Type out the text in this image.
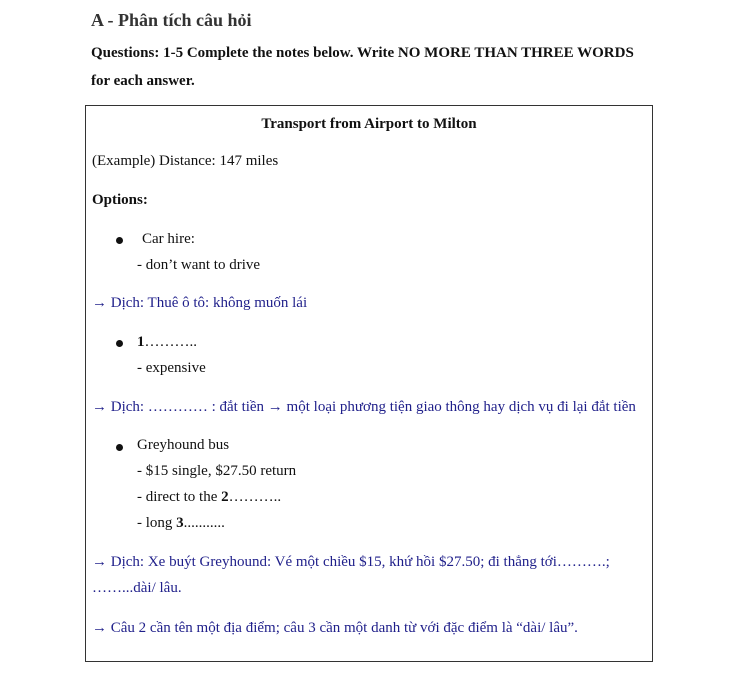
A - Phân tích câu hỏi
Questions: 1-5 Complete the notes below. Write NO MORE THAN THREE WORDS for each answer.
Transport from Airport to Milton
(Example) Distance: 147 miles
Options:
Car hire:
- don’t want to drive
→ Dịch: Thuê ô tô: không muốn lái
1………..
- expensive
→ Dịch: ………… : đắt tiền → một loại phương tiện giao thông hay dịch vụ đi lại đắt tiền
Greyhound bus
- $15 single, $27.50 return
- direct to the 2………..
- long 3...........
→ Dịch: Xe buýt Greyhound: Vé một chiều $15, khứ hồi $27.50; đi thẳng tới……….;
……...dài/ lâu.
→ Câu 2 cần tên một địa điểm; câu 3 cần một danh từ với đặc điểm là “dài/ lâu”.
